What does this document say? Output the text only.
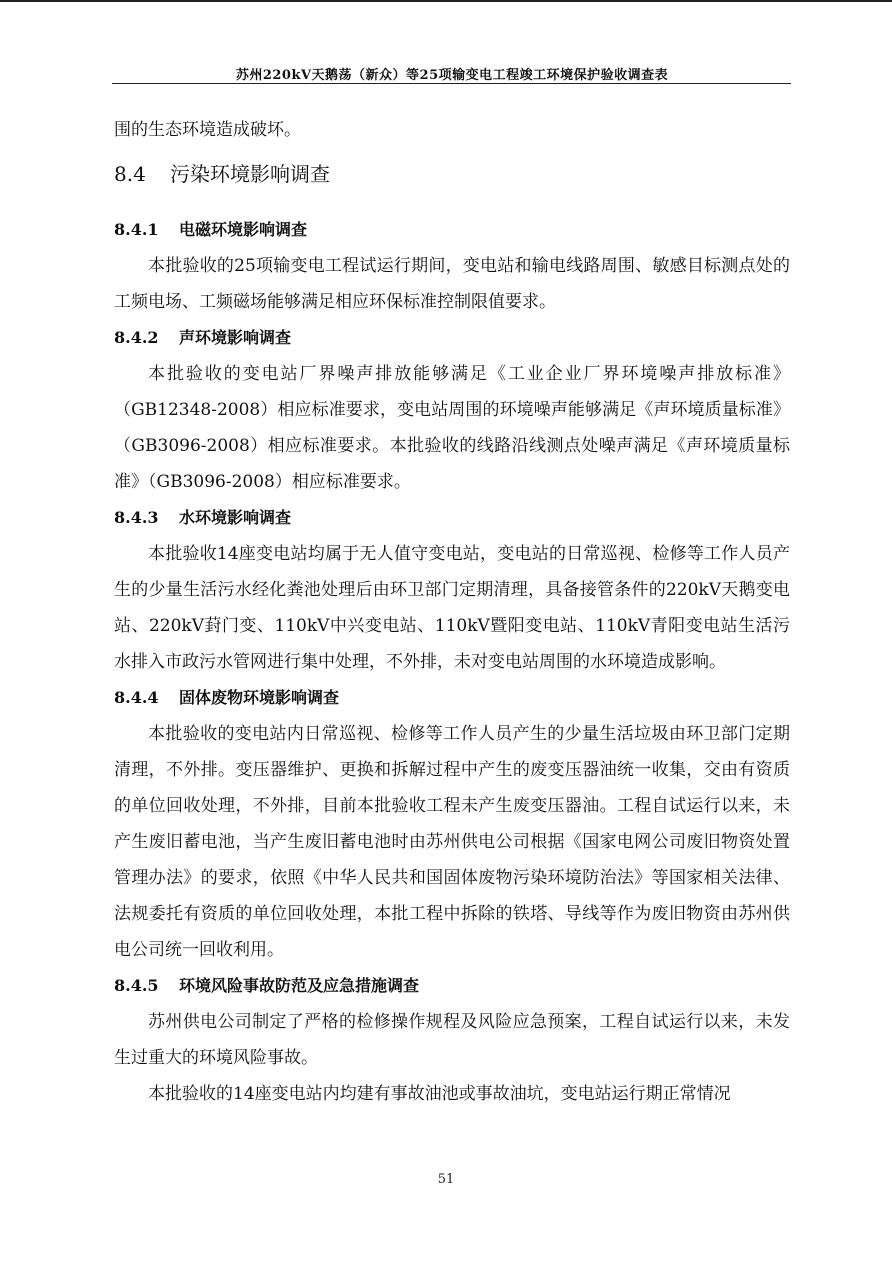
苏州220kV天鹅荡（新众）等25项输变电工程竣工环境保护验收调查表

围的生态环境造成破坏。

8.4 污染环境影响调查
8.4.1 电磁环境影响调查

本批验收的25项输变电工程试运行期间，变电站和输电线路周围、敏感目标测点处的工频电场、工频磁场能够满足相应环保标准控制限值要求。

8.4.2 声环境影响调查

本批验收的变电站厂界噪声排放能够满足《工业企业厂界环境噪声排放标准》（GB12348-2008）相应标准要求，变电站周围的环境噪声能够满足《声环境质量标准》（GB3096-2008）相应标准要求。本批验收的线路沿线测点处噪声满足《声环境质量标准》（GB3096-2008）相应标准要求。

8.4.3 水环境影响调查

本批验收14座变电站均属于无人值守变电站，变电站的日常巡视、检修等工作人员产生的少量生活污水经化粪池处理后由环卫部门定期清理，具备接管条件的220kV天鹅变电站、220kV葑门变、110kV中兴变电站、110kV暨阳变电站、110kV青阳变电站生活污水排入市政污水管网进行集中处理，不外排，未对变电站周围的水环境造成影响。

8.4.4 固体废物环境影响调查

本批验收的变电站内日常巡视、检修等工作人员产生的少量生活垃圾由环卫部门定期清理，不外排。变压器维护、更换和拆解过程中产生的废变压器油统一收集，交由有资质的单位回收处理，不外排，目前本批验收工程未产生废变压器油。工程自试运行以来，未产生废旧蓄电池，当产生废旧蓄电池时由苏州供电公司根据《国家电网公司废旧物资处置管理办法》的要求，依照《中华人民共和国固体废物污染环境防治法》等国家相关法律、法规委托有资质的单位回收处理，本批工程中拆除的铁塔、导线等作为废旧物资由苏州供电公司统一回收利用。

8.4.5 环境风险事故防范及应急措施调查

苏州供电公司制定了严格的检修操作规程及风险应急预案，工程自试运行以来，未发生过重大的环境风险事故。

本批验收的14座变电站内均建有事故油池或事故油坑，变电站运行期正常情况

51
